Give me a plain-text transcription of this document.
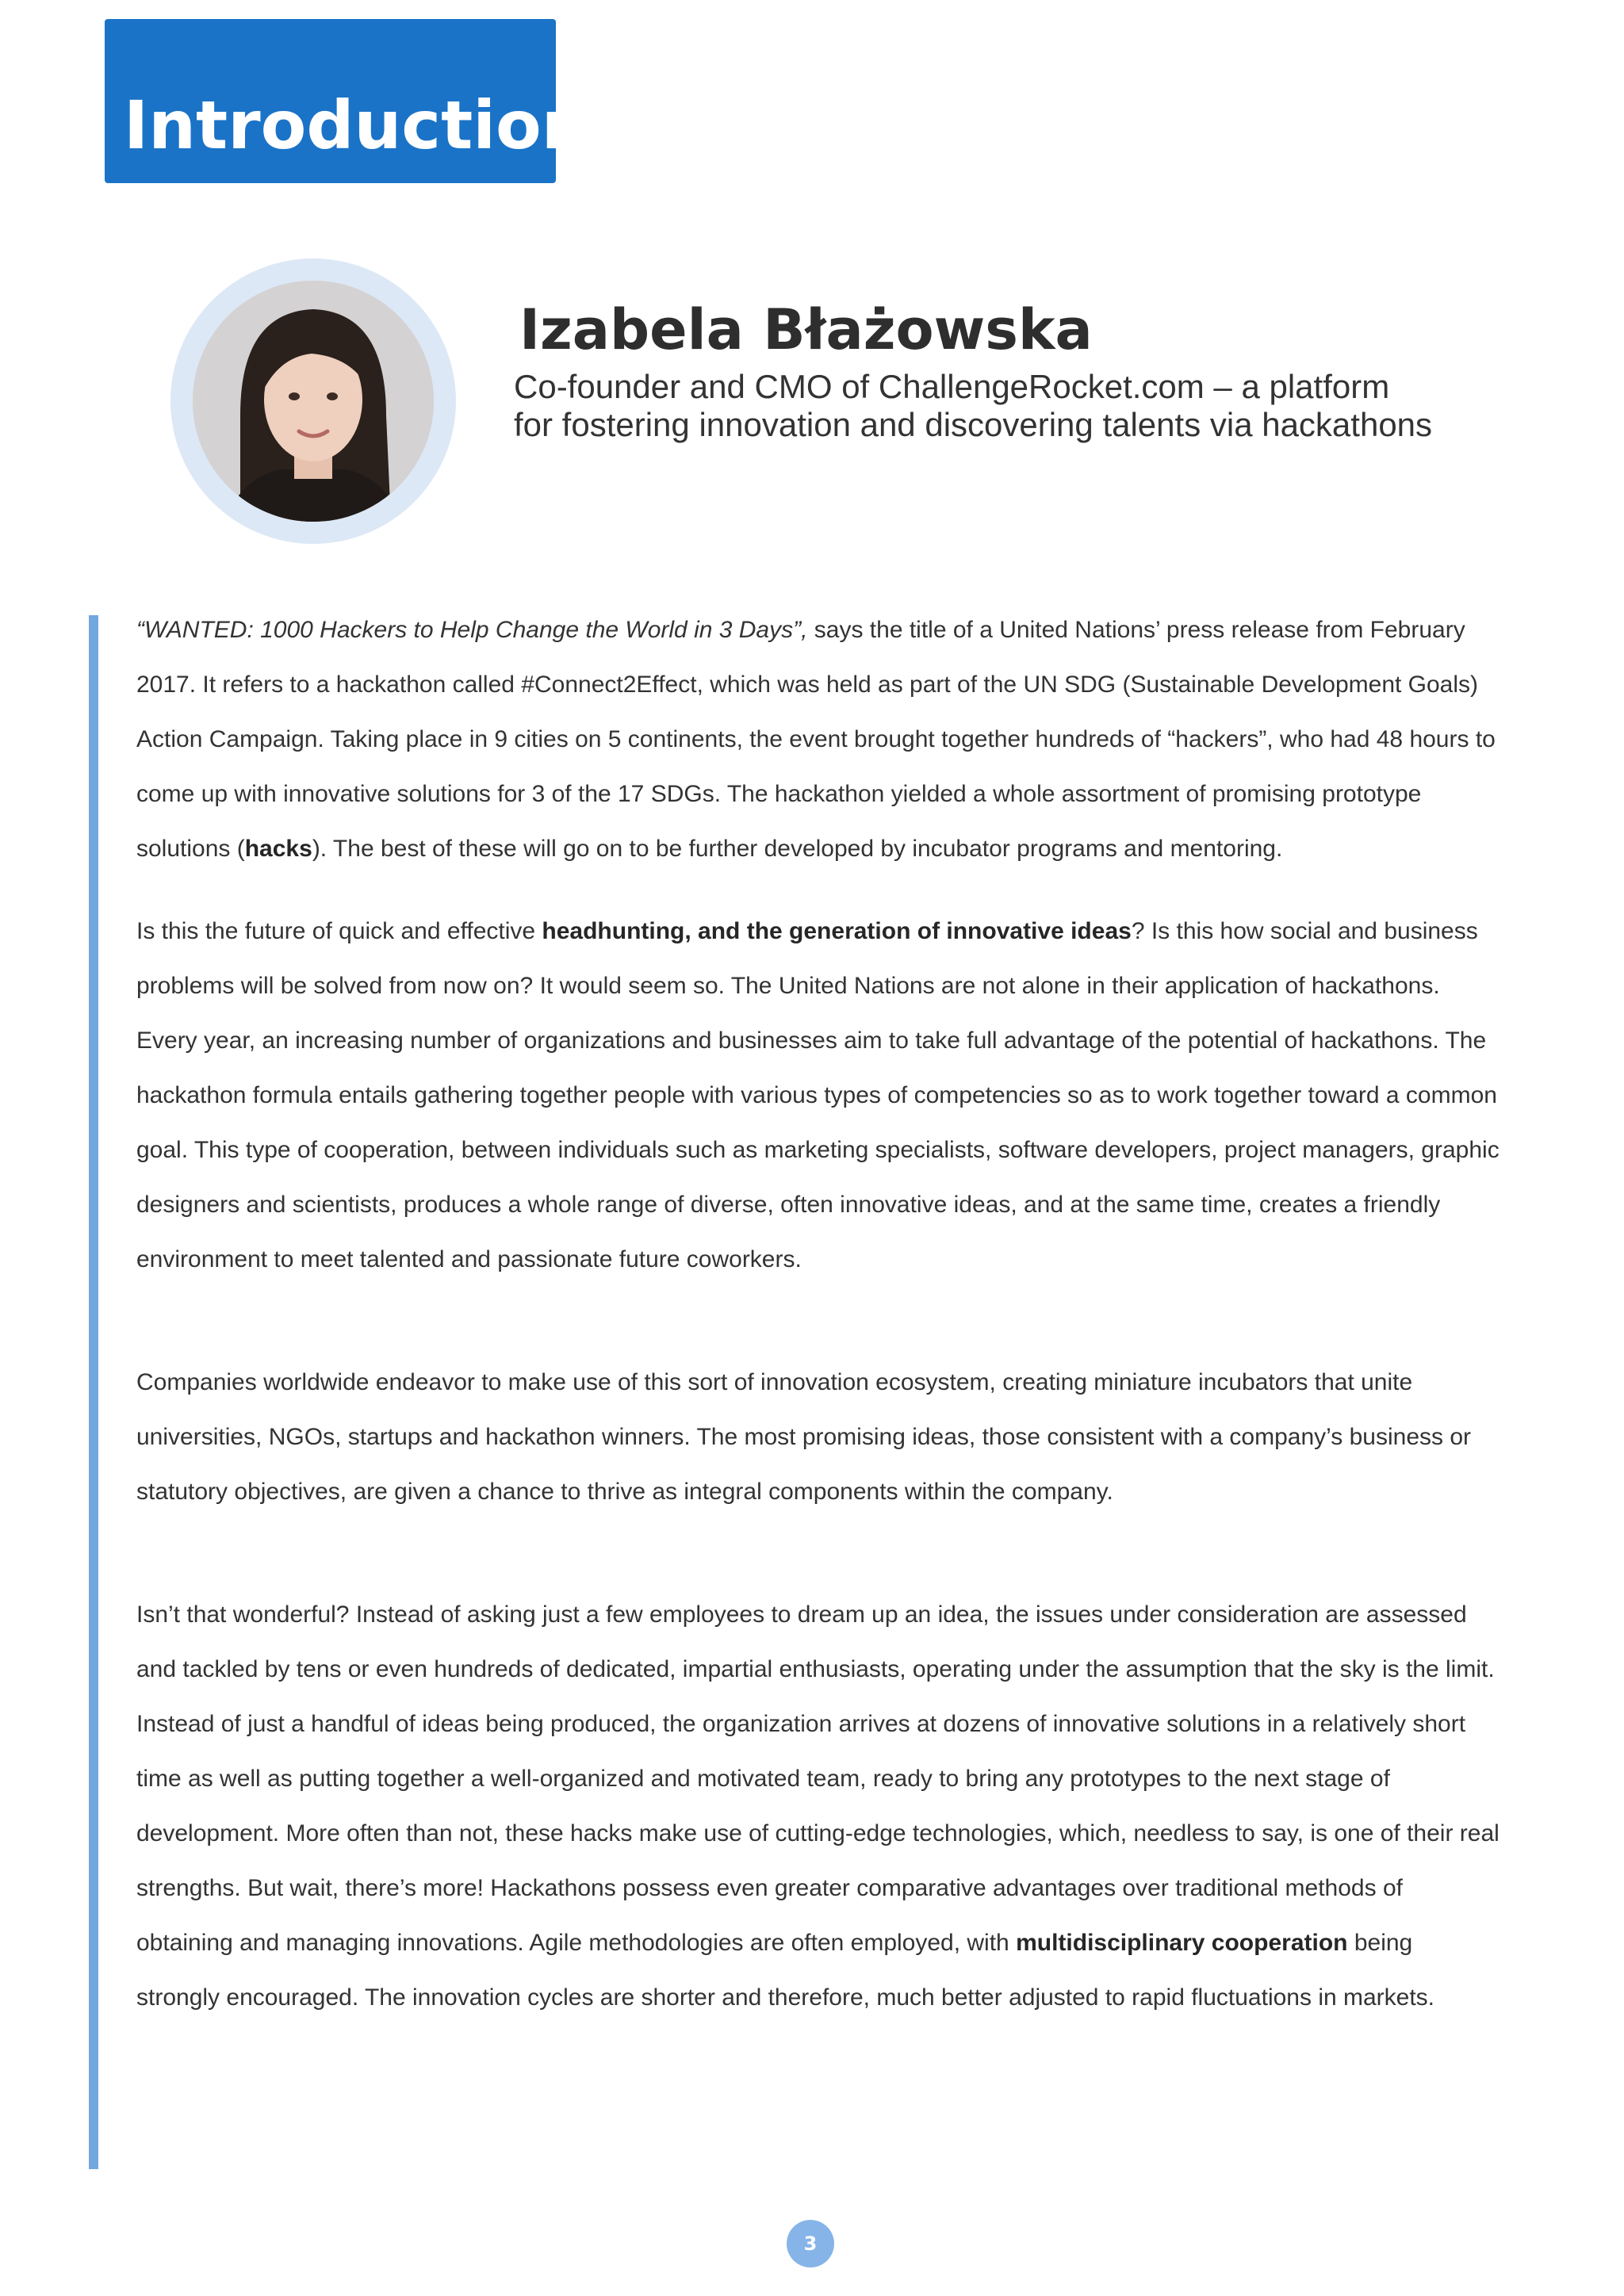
Introduction
Izabela Błażowska
Co-founder and CMO of ChallengeRocket.com – a platform
for fostering innovation and discovering talents via hackathons

“WANTED: 1000 Hackers to Help Change the World in 3 Days”, says the title of a United Nations’ press release from February 2017. It refers to a hackathon called #Connect2Effect, which was held as part of the UN SDG (Sustainable Development Goals) Action Campaign. Taking place in 9 cities on 5 continents, the event brought together hundreds of “hackers”, who had 48 hours to come up with innovative solutions for 3 of the 17 SDGs. The hackathon yielded a whole assortment of promising prototype solutions (hacks). The best of these will go on to be further developed by incubator programs and mentoring.

Is this the future of quick and effective headhunting, and the generation of innovative ideas? Is this how social and business problems will be solved from now on? It would seem so. The United Nations are not alone in their application of hackathons. Every year, an increasing number of organizations and businesses aim to take full advantage of the potential of hackathons. The hackathon formula entails gathering together people with various types of competencies so as to work together toward a common goal. This type of cooperation, between individuals such as marketing specialists, software developers, project managers, graphic designers and scientists, produces a whole range of diverse, often innovative ideas, and at the same time, creates a friendly environment to meet talented and passionate future coworkers.

Companies worldwide endeavor to make use of this sort of innovation ecosystem, creating miniature incubators that unite universities, NGOs, startups and hackathon winners. The most promising ideas, those consistent with a company’s business or statutory objectives, are given a chance to thrive as integral components within the company.

Isn’t that wonderful? Instead of asking just a few employees to dream up an idea, the issues under consideration are assessed and tackled by tens or even hundreds of dedicated, impartial enthusiasts, operating under the assumption that the sky is the limit. Instead of just a handful of ideas being produced, the organization arrives at dozens of innovative solutions in a relatively short time as well as putting together a well-organized and motivated team, ready to bring any prototypes to the next stage of development. More often than not, these hacks make use of cutting-edge technologies, which, needless to say, is one of their real strengths. But wait, there’s more! Hackathons possess even greater comparative advantages over traditional methods of obtaining and managing innovations. Agile methodologies are often employed, with multidisciplinary cooperation being strongly encouraged. The innovation cycles are shorter and therefore, much better adjusted to rapid fluctuations in markets.

3
